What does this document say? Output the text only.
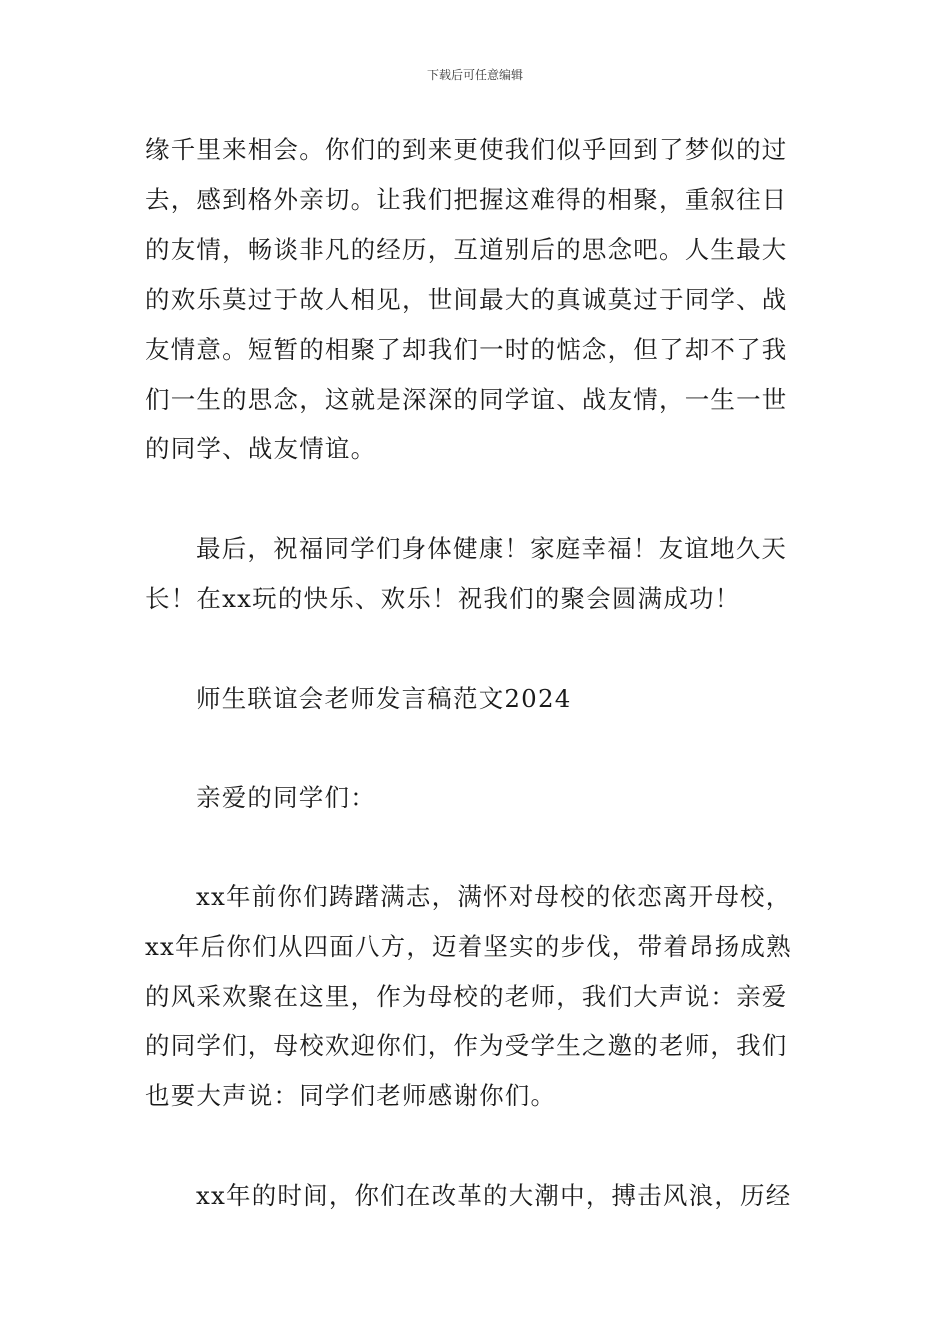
下载后可任意编辑
缘千里来相会。你们的到来更使我们似乎回到了梦似的过
去，感到格外亲切。让我们把握这难得的相聚，重叙往日
的友情，畅谈非凡的经历，互道别后的思念吧。人生最大
的欢乐莫过于故人相见，世间最大的真诚莫过于同学、战
友情意。短暂的相聚了却我们一时的惦念，但了却不了我
们一生的思念，这就是深深的同学谊、战友情，一生一世
的同学、战友情谊。
最后，祝福同学们身体健康！家庭幸福！友谊地久天
长！在xx玩的快乐、欢乐！祝我们的聚会圆满成功！
师生联谊会老师发言稿范文2024
亲爱的同学们：
xx年前你们踌躇满志，满怀对母校的依恋离开母校，
xx年后你们从四面八方，迈着坚实的步伐，带着昂扬成熟
的风采欢聚在这里，作为母校的老师，我们大声说：亲爱
的同学们，母校欢迎你们，作为受学生之邀的老师，我们
也要大声说：同学们老师感谢你们。
xx年的时间，你们在改革的大潮中，搏击风浪，历经
